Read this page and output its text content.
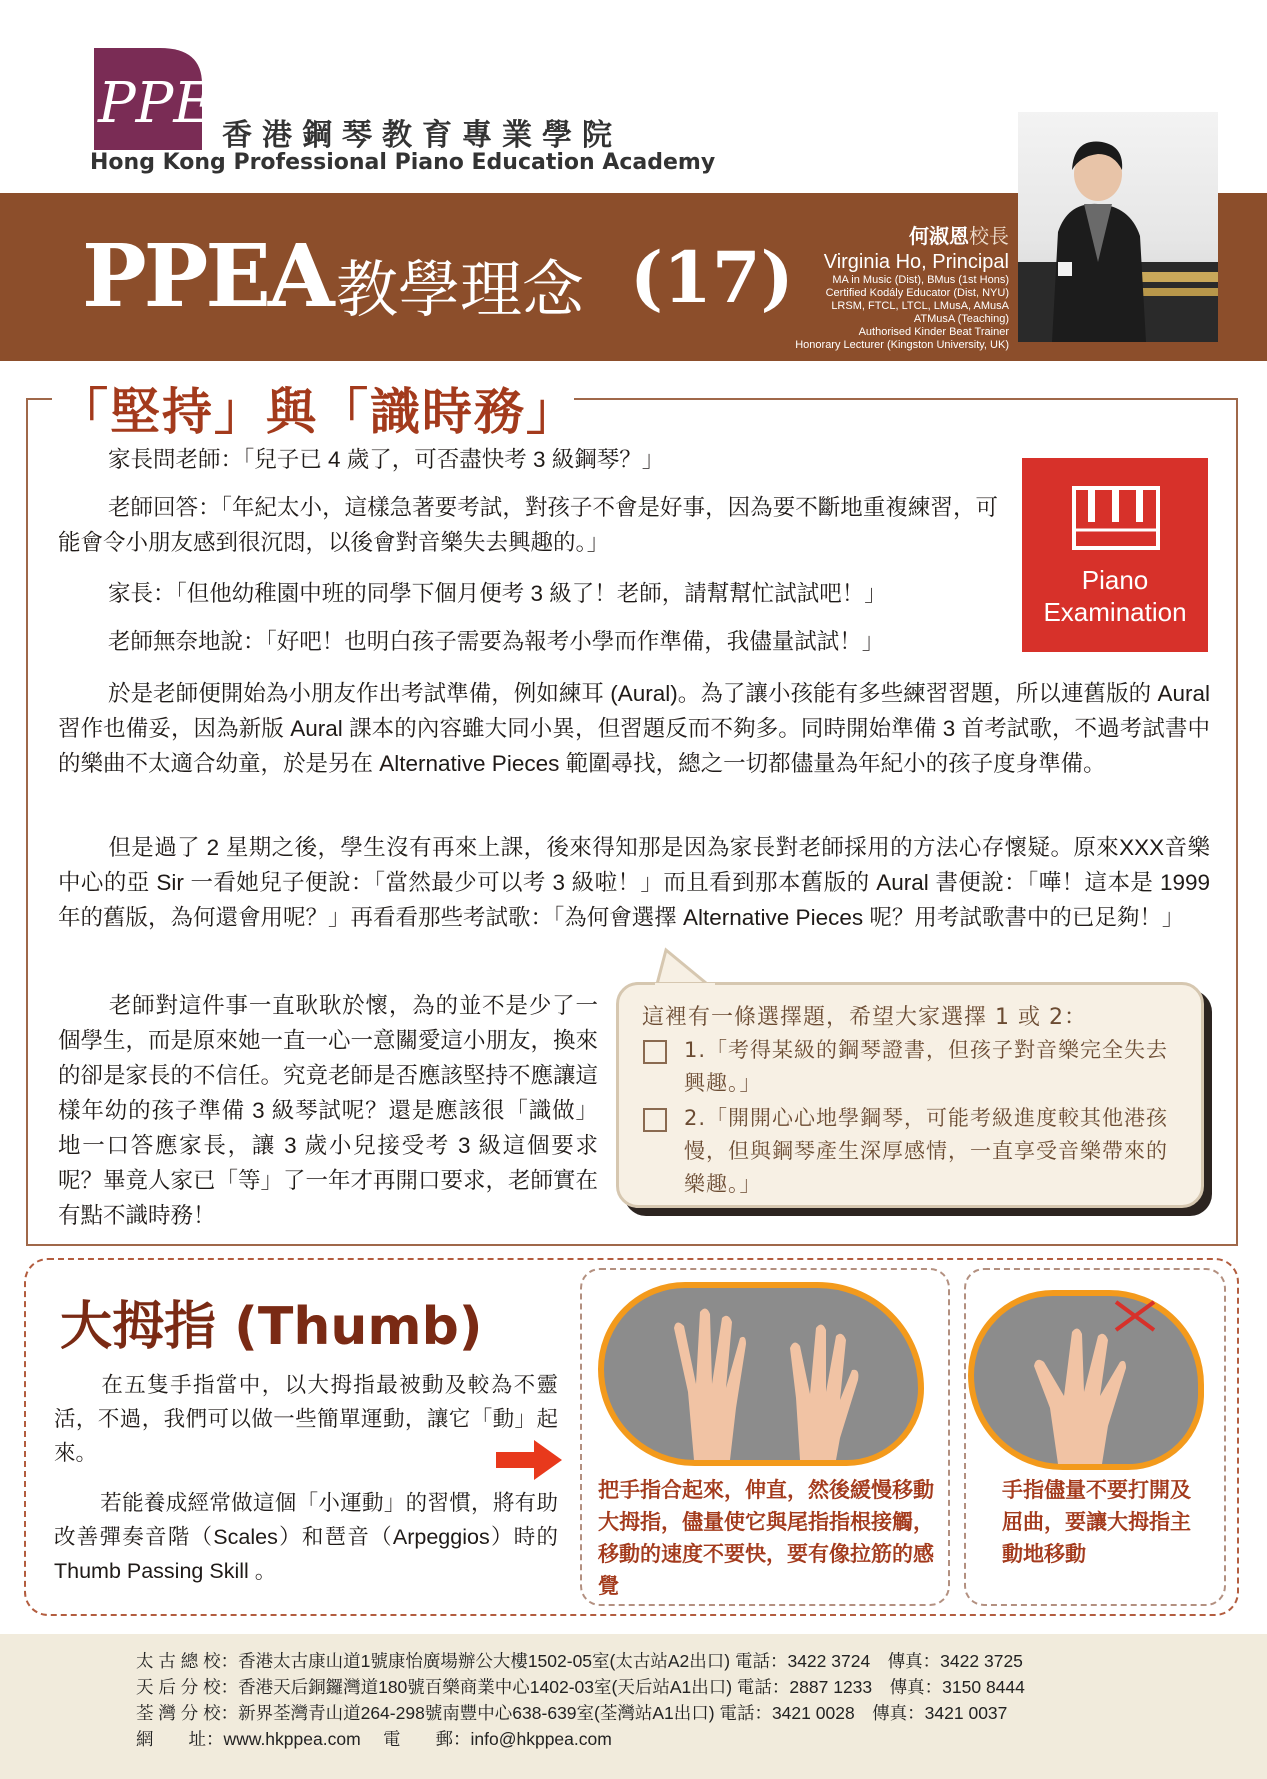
PPEA
香港鋼琴教育專業學院
Hong Kong Professional Piano Education Academy
PPEA 教學理念 (17)	何淑恩校長
Virginia Ho, Principal
MA in Music (Dist), BMus (1st Hons)
Certified Kodály Educator (Dist, NYU)
LRSM, FTCL, LTCL, LMusA, AMusA
ATMusA (Teaching)
Authorised Kinder Beat Trainer
Honorary Lecturer (Kingston University, UK)
「堅持」與「識時務」
家長問老師：「兒子已 4 歲了，可否盡快考 3 級鋼琴？」
老師回答：「年紀太小，這樣急著要考試，對孩子不會是好事，因為要不斷地重複練習，可能會令小朋友感到很沉悶，以後會對音樂失去興趣的。」
家長：「但他幼稚園中班的同學下個月便考 3 級了！老師，請幫幫忙試試吧！」
老師無奈地說：「好吧！也明白孩子需要為報考小學而作準備，我儘量試試！」
於是老師便開始為小朋友作出考試準備，例如練耳 (Aural)。為了讓小孩能有多些練習習題，所以連舊版的 Aural 習作也備妥，因為新版 Aural 課本的內容雖大同小異，但習題反而不夠多。同時開始準備 3 首考試歌，不過考試書中的樂曲不太適合幼童，於是另在 Alternative Pieces 範圍尋找，總之一切都儘量為年紀小的孩子度身準備。
但是過了 2 星期之後，學生沒有再來上課，後來得知那是因為家長對老師採用的方法心存懷疑。原來XXX音樂中心的亞 Sir 一看她兒子便說：「當然最少可以考 3 級啦！」而且看到那本舊版的 Aural 書便說：「嘩！這本是 1999 年的舊版，為何還會用呢？」再看看那些考試歌：「為何會選擇 Alternative Pieces 呢？用考試歌書中的已足夠！」
老師對這件事一直耿耿於懷，為的並不是少了一個學生，而是原來她一直一心一意關愛這小朋友，換來的卻是家長的不信任。究竟老師是否應該堅持不應讓這樣年幼的孩子準備 3 級琴試呢？還是應該很「識做」地一口答應家長，讓 3 歲小兒接受考 3 級這個要求呢？畢竟人家已「等」了一年才再開口要求，老師實在有點不識時務！
Piano
Examination
這裡有一條選擇題，希望大家選擇 1 或 2：
1.「考得某級的鋼琴證書，但孩子對音樂完全失去興趣。」
2.「開開心心地學鋼琴，可能考級進度較其他港孩慢，但與鋼琴產生深厚感情，一直享受音樂帶來的樂趣。」
大拇指 (Thumb)
在五隻手指當中，以大拇指最被動及較為不靈活，不過，我們可以做一些簡單運動，讓它「動」起來。
若能養成經常做這個「小運動」的習慣，將有助改善彈奏音階（Scales）和琶音（Arpeggios）時的 Thumb Passing Skill 。
把手指合起來，伸直，然後緩慢移動大拇指，儘量使它與尾指指根接觸，移動的速度不要快，要有像拉筋的感覺
手指儘量不要打開及屈曲，要讓大拇指主動地移動
太 古 總 校：香港太古康山道1號康怡廣場辦公大樓1502-05室(太古站A2出口) 電話：3422 3724　傳真：3422 3725
天 后 分 校：香港天后銅鑼灣道180號百樂商業中心1402-03室(天后站A1出口) 電話：2887 1233　傳真：3150 8444
荃 灣 分 校：新界荃灣青山道264-298號南豐中心638-639室(荃灣站A1出口) 電話：3421 0028　傳真：3421 0037
網　　址：www.hkppea.com　 電　　郵：info@hkppea.com
